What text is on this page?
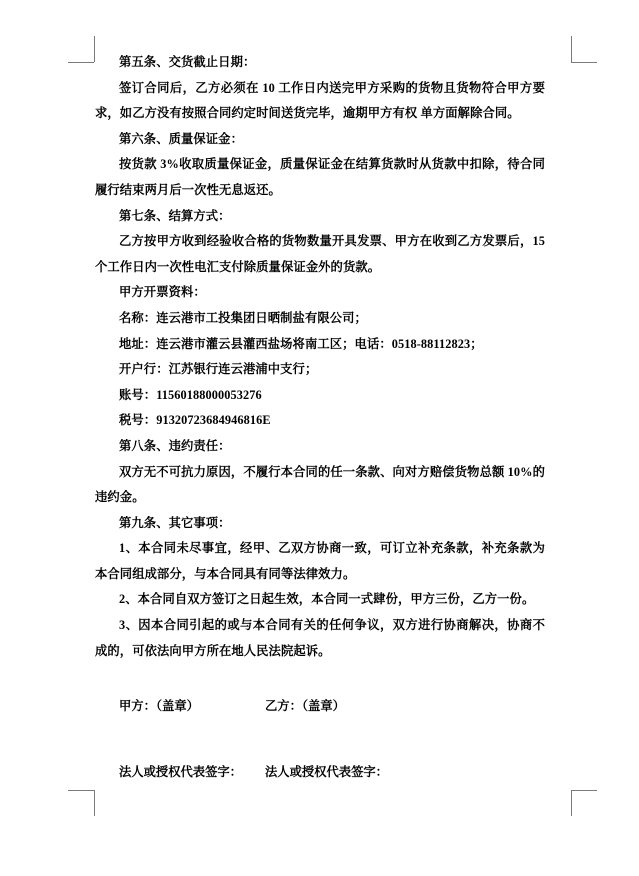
第五条、交货截止日期：

签订合同后，乙方必须在 10 工作日内送完甲方采购的货物且货物符合甲方要求，如乙方没有按照合同约定时间送货完毕，逾期甲方有权 单方面解除合同。

第六条、质量保证金：

按货款 3%收取质量保证金，质量保证金在结算货款时从货款中扣除，待合同履行结束两月后一次性无息返还。

第七条、结算方式：

乙方按甲方收到经验收合格的货物数量开具发票、甲方在收到乙方发票后，15 个工作日内一次性电汇支付除质量保证金外的货款。

甲方开票资料：

名称：连云港市工投集团日晒制盐有限公司；

地址：连云港市灌云县灌西盐场将南工区；电话：0518-88112823；

开户行：江苏银行连云港浦中支行；

账号：11560188000053276

税号：91320723684946816E

第八条、违约责任：

双方无不可抗力原因，不履行本合同的任一条款、向对方赔偿货物总额 10%的违约金。

第九条、其它事项：

1、本合同未尽事宜，经甲、乙双方协商一致，可订立补充条款，补充条款为本合同组成部分，与本合同具有同等法律效力。

2、本合同自双方签订之日起生效，本合同一式肆份，甲方三份，乙方一份。

3、因本合同引起的或与本合同有关的任何争议，双方进行协商解决，协商不成的，可依法向甲方所在地人民法院起诉。

甲方：（盖章）	乙方：（盖章）
法人或授权代表签字：	法人或授权代表签字：
